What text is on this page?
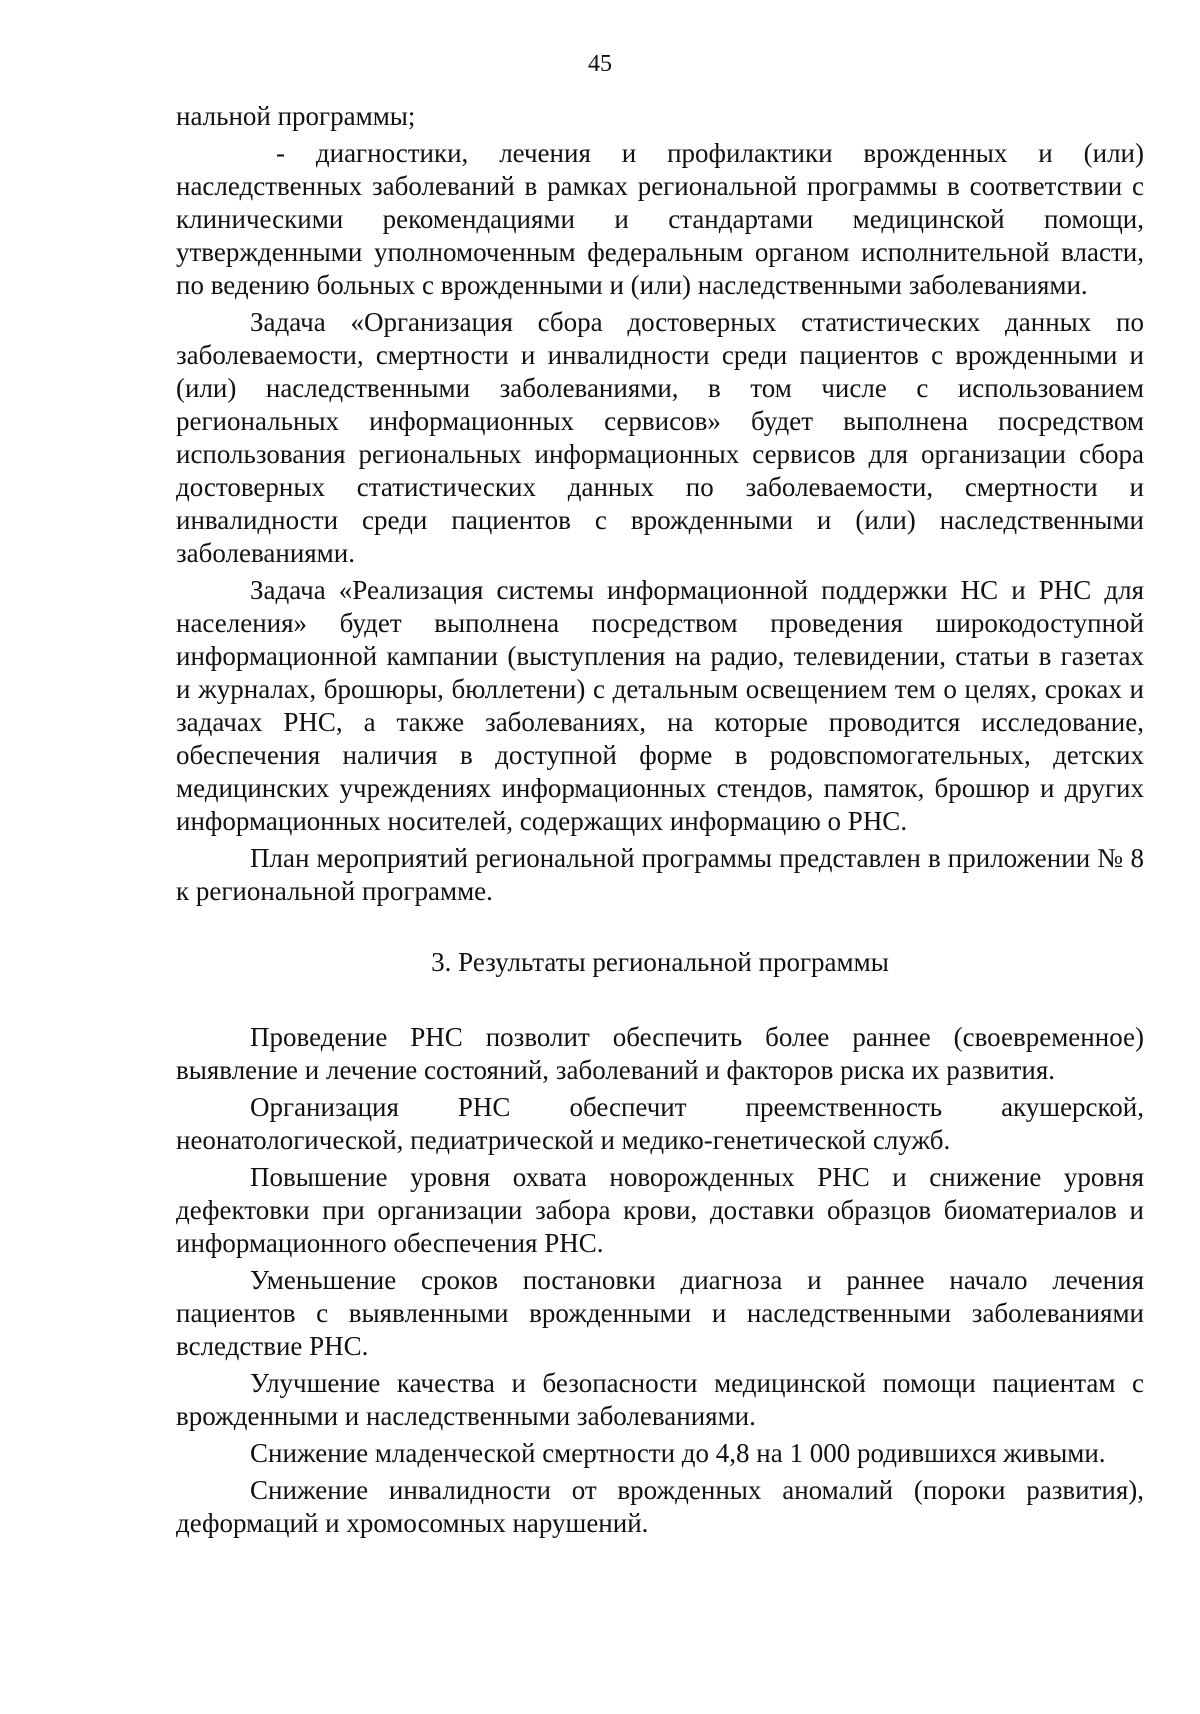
45

нальной программы;

- диагностики, лечения и профилактики врожденных и (или) наследственных заболеваний в рамках региональной программы в соответствии с клиническими рекомендациями и стандартами медицинской помощи, утвержденными уполномоченным федеральным органом исполнительной власти, по ведению больных с врожденными и (или) наследственными заболеваниями.

Задача «Организация сбора достоверных статистических данных по заболеваемости, смертности и инвалидности среди пациентов с врожденными и (или) наследственными заболеваниями, в том числе с использованием региональных информационных сервисов» будет выполнена посредством использования региональных информационных сервисов для организации сбора достоверных статистических данных по заболеваемости, смертности и инвалидности среди пациентов с врожденными и (или) наследственными заболеваниями.

Задача «Реализация системы информационной поддержки НС и РНС для населения» будет выполнена посредством проведения широкодоступной информационной кампании (выступления на радио, телевидении, статьи в газетах и журналах, брошюры, бюллетени) с детальным освещением тем о целях, сроках и задачах РНС, а также заболеваниях, на которые проводится исследование, обеспечения наличия в доступной форме в родовспомогательных, детских медицинских учреждениях информационных стендов, памяток, брошюр и других информационных носителей, содержащих информацию о РНС.

План мероприятий региональной программы представлен в приложении № 8 к региональной программе.

3. Результаты региональной программы

Проведение РНС позволит обеспечить более раннее (своевременное) выявление и лечение состояний, заболеваний и факторов риска их развития.

Организация РНС обеспечит преемственность акушерской, неонатологической, педиатрической и медико-генетической служб.

Повышение уровня охвата новорожденных РНС и снижение уровня дефектовки при организации забора крови, доставки образцов биоматериалов и информационного обеспечения РНС.

Уменьшение сроков постановки диагноза и раннее начало лечения пациентов с выявленными врожденными и наследственными заболеваниями вследствие РНС.

Улучшение качества и безопасности медицинской помощи пациентам с врожденными и наследственными заболеваниями.

Снижение младенческой смертности до 4,8 на 1 000 родившихся живыми.

Снижение инвалидности от врожденных аномалий (пороки развития), деформаций и хромосомных нарушений.
